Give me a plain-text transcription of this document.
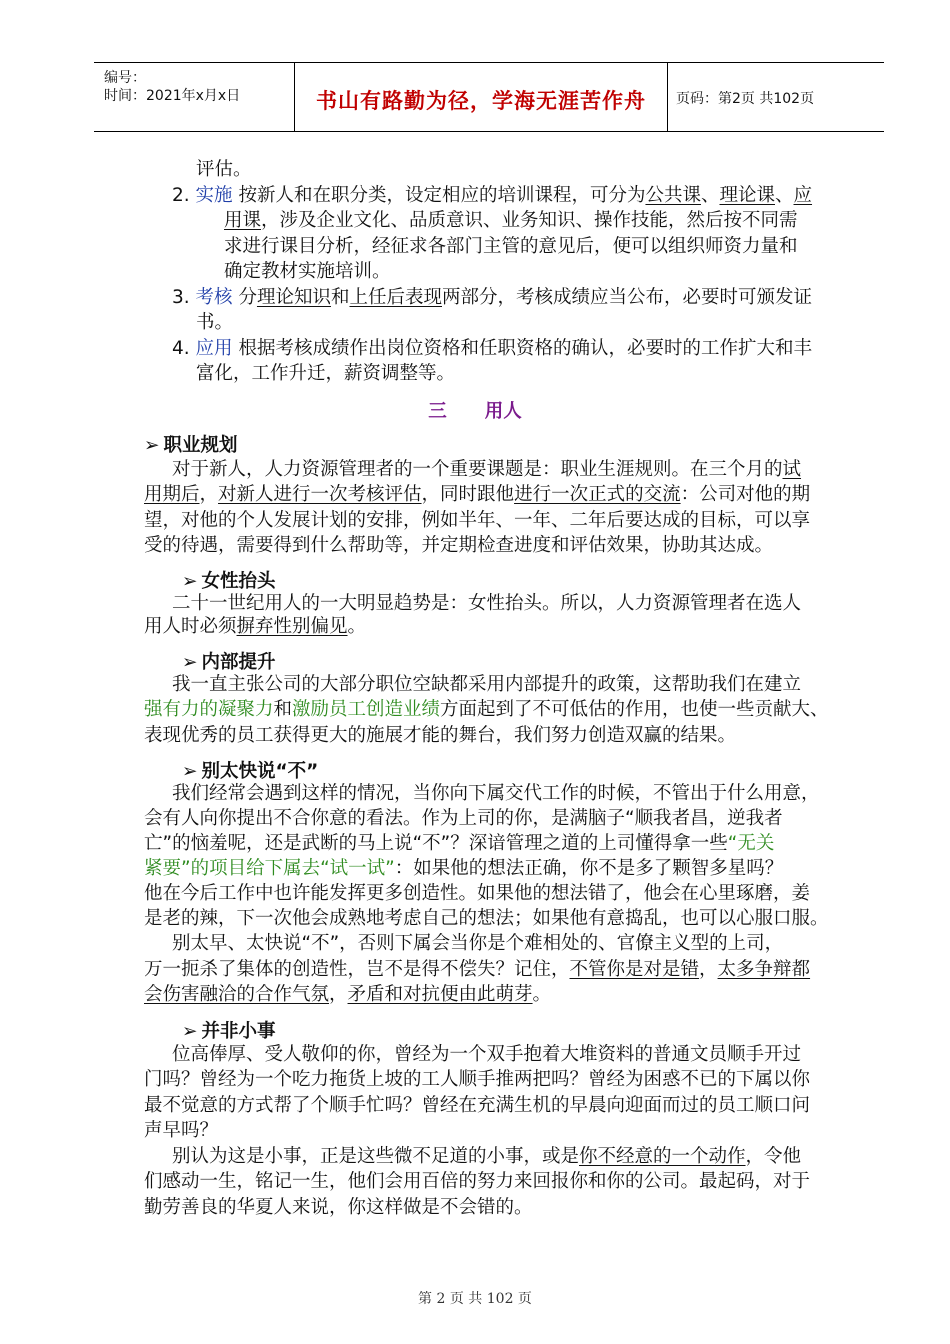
编号：
时间：2021年x月x日	书山有路勤为径，学海无涯苦作舟	页码：第2页 共102页
评估。
2. 实施 按新人和在职分类，设定相应的培训课程，可分为公共课、理论课、应
用课，涉及企业文化、品质意识、业务知识、操作技能，然后按不同需
求进行课目分析，经征求各部门主管的意见后，便可以组织师资力量和
确定教材实施培训。
3. 考核 分理论知识和上任后表现两部分，考核成绩应当公布，必要时可颁发证
书。
4. 应用 根据考核成绩作出岗位资格和任职资格的确认，必要时的工作扩大和丰
富化，工作升迁，薪资调整等。
三 用人
➢ 职业规划
对于新人，人力资源管理者的一个重要课题是：职业生涯规则。在三个月的试
用期后，对新人进行一次考核评估，同时跟他进行一次正式的交流：公司对他的期
望，对他的个人发展计划的安排，例如半年、一年、二年后要达成的目标，可以享
受的待遇，需要得到什么帮助等，并定期检查进度和评估效果，协助其达成。
➢ 女性抬头
二十一世纪用人的一大明显趋势是：女性抬头。所以，人力资源管理者在选人
用人时必须摒弃性别偏见。
➢ 内部提升
我一直主张公司的大部分职位空缺都采用内部提升的政策，这帮助我们在建立
强有力的凝聚力和激励员工创造业绩方面起到了不可低估的作用，也使一些贡献大、
表现优秀的员工获得更大的施展才能的舞台，我们努力创造双赢的结果。
➢ 别太快说“不”
我们经常会遇到这样的情况，当你向下属交代工作的时候，不管出于什么用意，
会有人向你提出不合你意的看法。作为上司的你，是满脑子“顺我者昌，逆我者
亡”的恼羞呢，还是武断的马上说“不”？深谙管理之道的上司懂得拿一些“无关
紧要”的项目给下属去“试一试”：如果他的想法正确，你不是多了颗智多星吗？
他在今后工作中也许能发挥更多创造性。如果他的想法错了，他会在心里琢磨，姜
是老的辣，下一次他会成熟地考虑自己的想法；如果他有意捣乱，也可以心服口服。
别太早、太快说“不”，否则下属会当你是个难相处的、官僚主义型的上司，
万一扼杀了集体的创造性，岂不是得不偿失？记住，不管你是对是错，太多争辩都
会伤害融洽的合作气氛，矛盾和对抗便由此萌芽。
➢ 并非小事
位高俸厚、受人敬仰的你，曾经为一个双手抱着大堆资料的普通文员顺手开过
门吗？曾经为一个吃力拖货上坡的工人顺手推两把吗？曾经为困惑不已的下属以你
最不觉意的方式帮了个顺手忙吗？曾经在充满生机的早晨向迎面而过的员工顺口问
声早吗？
别认为这是小事，正是这些微不足道的小事，或是你不经意的一个动作，令他
们感动一生，铭记一生，他们会用百倍的努力来回报你和你的公司。最起码，对于
勤劳善良的华夏人来说，你这样做是不会错的。
第 2 页 共 102 页
